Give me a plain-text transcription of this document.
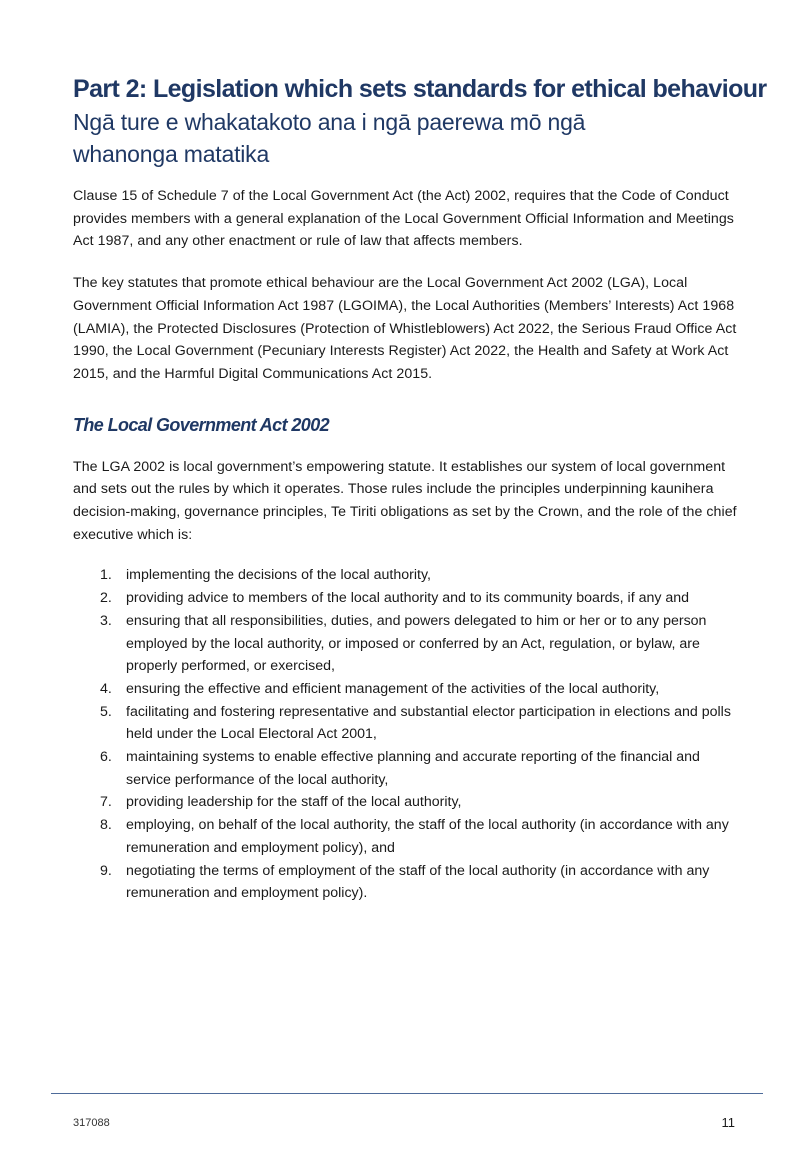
Part 2: Legislation which sets standards for ethical behaviour
Ngā ture e whakatakoto ana i ngā paerewa mō ngā whanonga matatika

Clause 15 of Schedule 7 of the Local Government Act (the Act) 2002, requires that the Code of Conduct provides members with a general explanation of the Local Government Official Information and Meetings Act 1987, and any other enactment or rule of law that affects members.

The key statutes that promote ethical behaviour are the Local Government Act 2002 (LGA), Local Government Official Information Act 1987 (LGOIMA), the Local Authorities (Members’ Interests) Act 1968 (LAMIA), the Protected Disclosures (Protection of Whistleblowers) Act 2022, the Serious Fraud Office Act 1990, the Local Government (Pecuniary Interests Register) Act 2022, the Health and Safety at Work Act 2015, and the Harmful Digital Communications Act 2015.

The Local Government Act 2002

The LGA 2002 is local government’s empowering statute. It establishes our system of local government and sets out the rules by which it operates. Those rules include the principles underpinning kaunihera decision-making, governance principles, Te Tiriti obligations as set by the Crown, and the role of the chief executive which is:

1. implementing the decisions of the local authority,
2. providing advice to members of the local authority and to its community boards, if any and
3. ensuring that all responsibilities, duties, and powers delegated to him or her or to any person employed by the local authority, or imposed or conferred by an Act, regulation, or bylaw, are properly performed, or exercised,
4. ensuring the effective and efficient management of the activities of the local authority,
5. facilitating and fostering representative and substantial elector participation in elections and polls held under the Local Electoral Act 2001,
6. maintaining systems to enable effective planning and accurate reporting of the financial and service performance of the local authority,
7. providing leadership for the staff of the local authority,
8. employing, on behalf of the local authority, the staff of the local authority (in accordance with any remuneration and employment policy), and
9. negotiating the terms of employment of the staff of the local authority (in accordance with any remuneration and employment policy).
317088	11
